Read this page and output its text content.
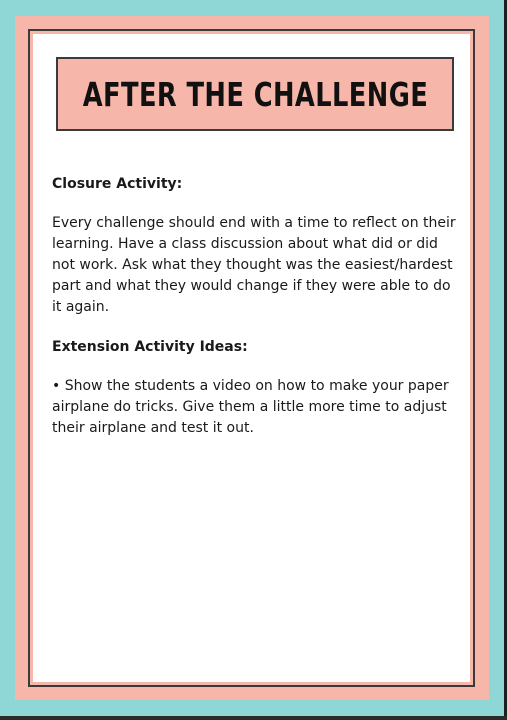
AFTER THE CHALLENGE

Closure Activity:

Every challenge should end with a time to reflect on their learning. Have a class discussion about what did or did not work. Ask what they thought was the easiest/hardest part and what they would change if they were able to do it again.

Extension Activity Ideas:

• Show the students a video on how to make your paper airplane do tricks. Give them a little more time to adjust their airplane and test it out.
